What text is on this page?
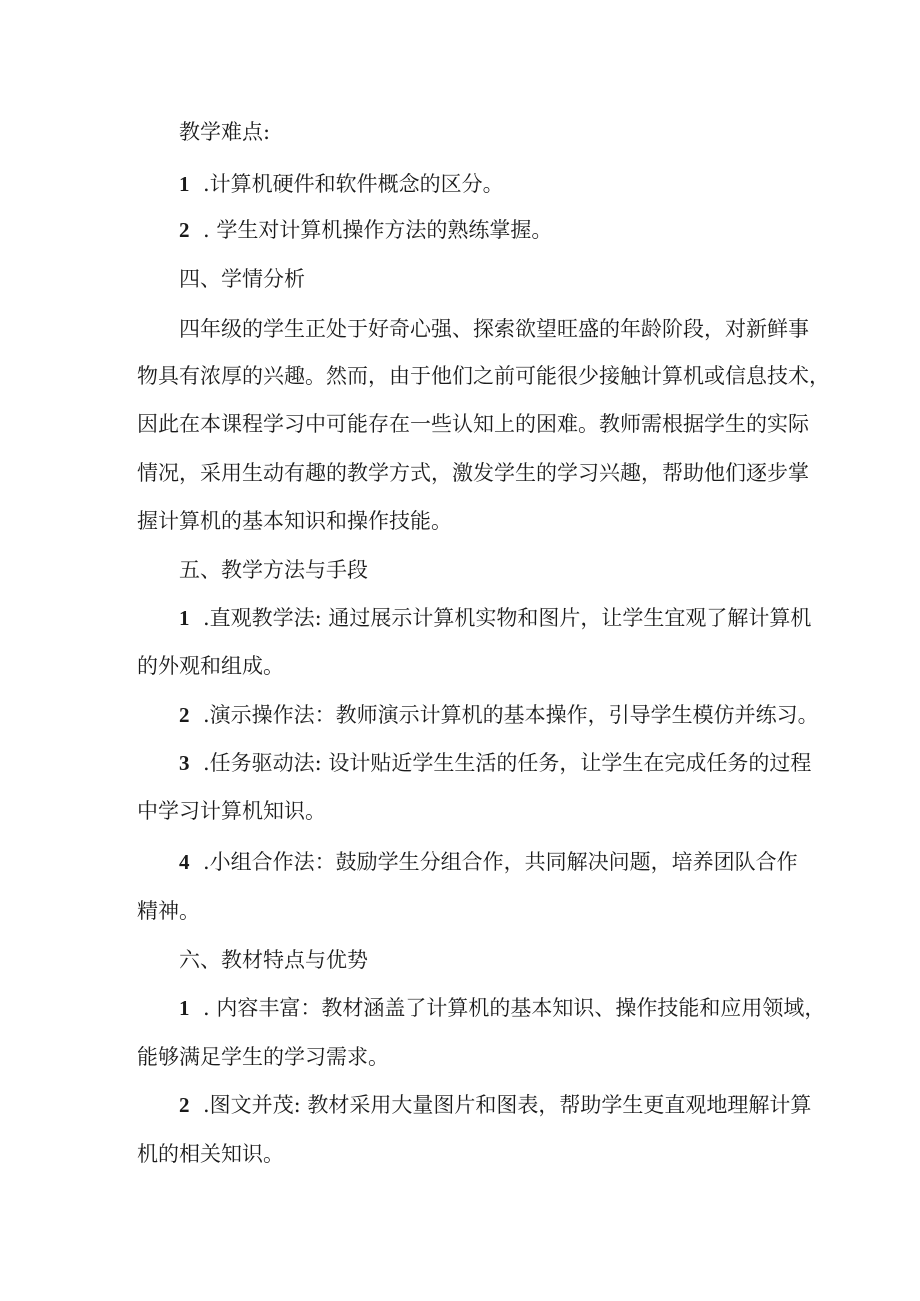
教学难点:
1 .计算机硬件和软件概念的区分。
2 . 学生对计算机操作方法的熟练掌握。
四、学情分析
四年级的学生正处于好奇心强、探索欲望旺盛的年龄阶段，对新鲜事
物具有浓厚的兴趣。然而，由于他们之前可能很少接触计算机或信息技术，
因此在本课程学习中可能存在一些认知上的困难。教师需根据学生的实际
情况，采用生动有趣的教学方式，激发学生的学习兴趣，帮助他们逐步掌
握计算机的基本知识和操作技能。
五、教学方法与手段
1 .直观教学法: 通过展示计算机实物和图片，让学生宜观了解计算机
的外观和组成。
2 .演示操作法：教师演示计算机的基本操作，引导学生模仿并练习。
3 .任务驱动法: 设计贴近学生生活的任务，让学生在完成任务的过程
中学习计算机知识。
4 .小组合作法：鼓励学生分组合作，共同解决问题，培养团队合作
精神。
六、教材特点与优势
1 . 内容丰富：教材涵盖了计算机的基本知识、操作技能和应用领域，
能够满足学生的学习需求。
2 .图文并茂: 教材采用大量图片和图表，帮助学生更直观地理解计算
机的相关知识。
